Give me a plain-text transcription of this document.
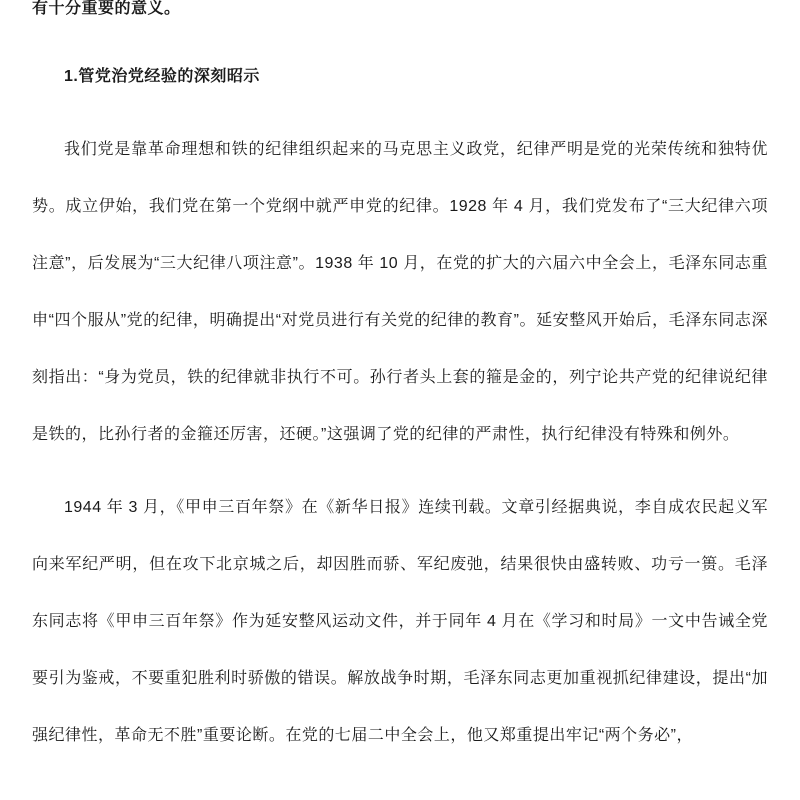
有十分重要的意义。
1.管党治党经验的深刻昭示

我们党是靠革命理想和铁的纪律组织起来的马克思主义政党，纪律严明是党的光荣传统和独特优势。成立伊始，我们党在第一个党纲中就严申党的纪律。1928 年 4 月，我们党发布了“三大纪律六项注意”，后发展为“三大纪律八项注意”。1938 年 10 月，在党的扩大的六届六中全会上，毛泽东同志重申“四个服从”党的纪律，明确提出“对党员进行有关党的纪律的教育”。延安整风开始后，毛泽东同志深刻指出：“身为党员，铁的纪律就非执行不可。孙行者头上套的箍是金的，列宁论共产党的纪律说纪律是铁的，比孙行者的金箍还厉害，还硬。”这强调了党的纪律的严肃性，执行纪律没有特殊和例外。

1944 年 3 月，《甲申三百年祭》在《新华日报》连续刊载。文章引经据典说，李自成农民起义军向来军纪严明，但在攻下北京城之后，却因胜而骄、军纪废弛，结果很快由盛转败、功亏一篑。毛泽东同志将《甲申三百年祭》作为延安整风运动文件，并于同年 4 月在《学习和时局》一文中告诫全党要引为鉴戒，不要重犯胜利时骄傲的错误。解放战争时期，毛泽东同志更加重视抓纪律建设，提出“加强纪律性，革命无不胜”重要论断。在党的七届二中全会上，他又郑重提出牢记“两个务必”，
